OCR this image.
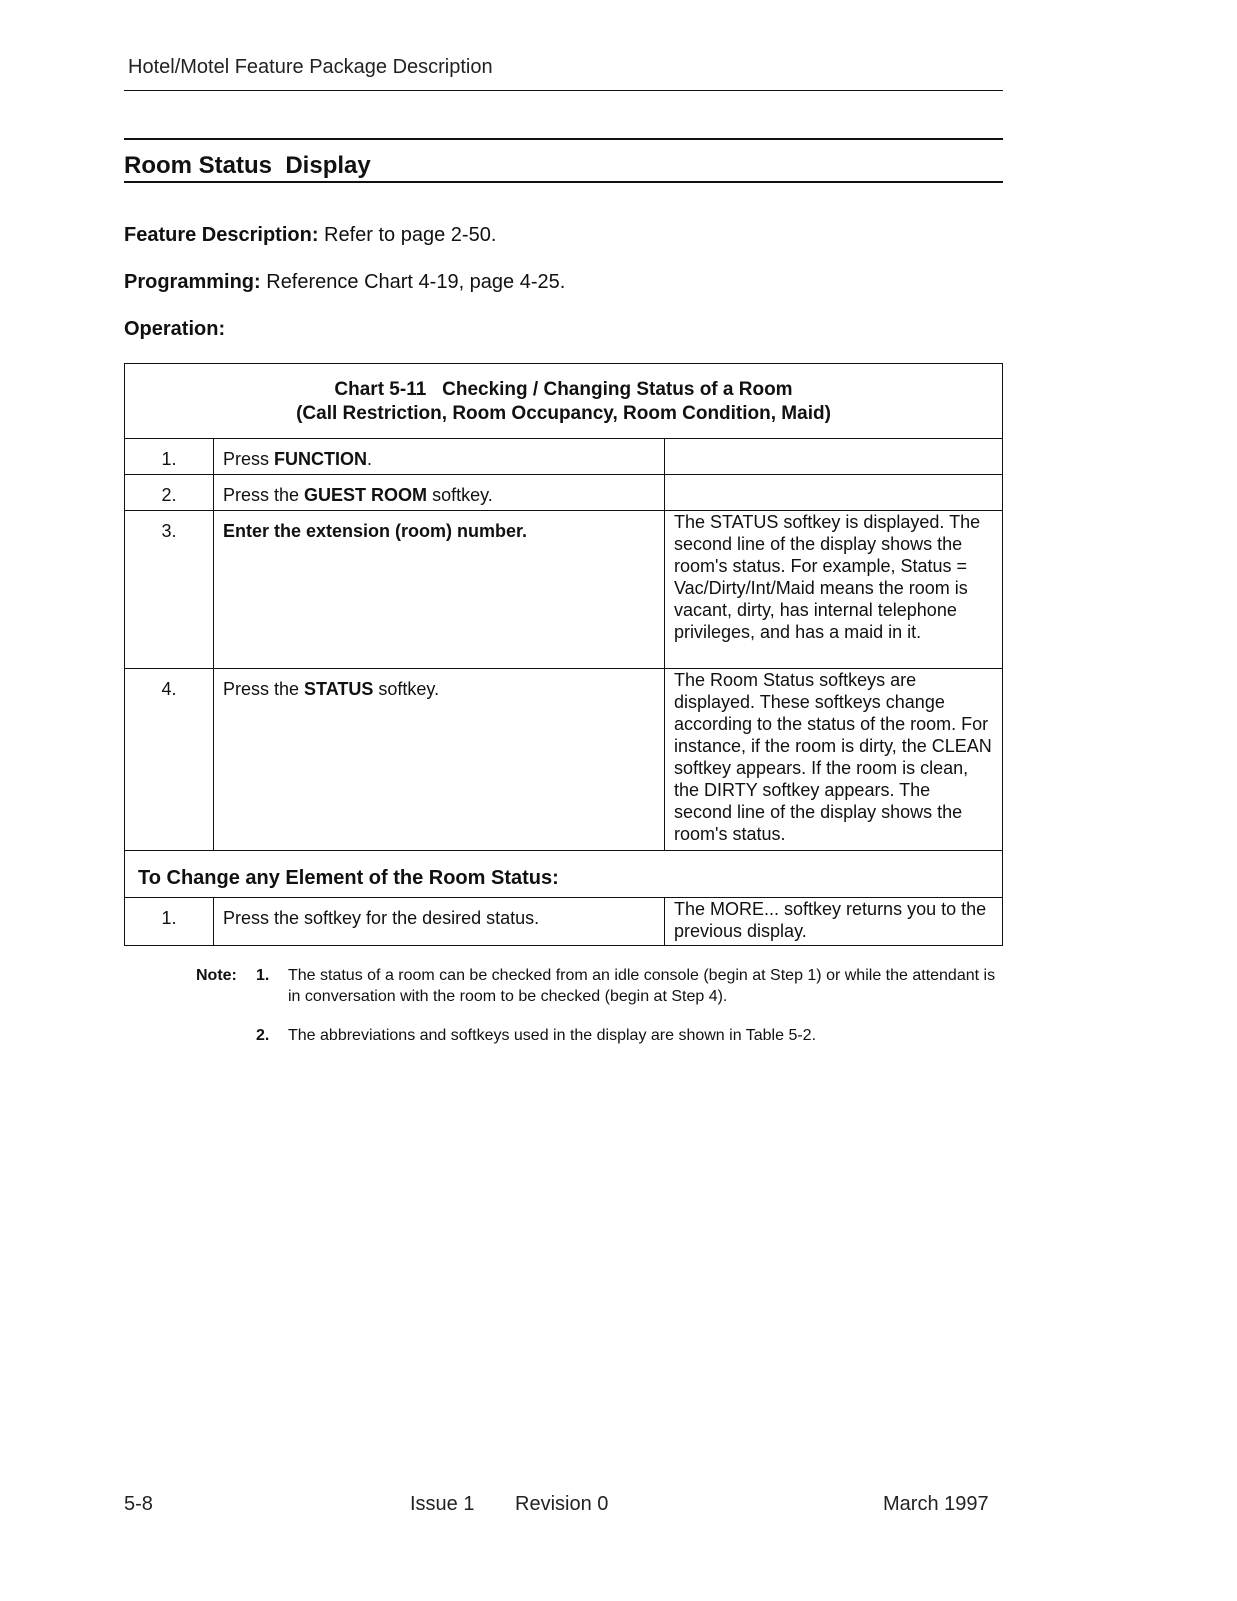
Hotel/Motel Feature Package Description
Room Status  Display
Feature Description: Refer to page 2-50.
Programming: Reference Chart 4-19, page 4-25.
Operation:
Chart 5-11   Checking / Changing Status of a Room
(Call Restriction, Room Occupancy, Room Condition, Maid)		

1.	Press FUNCTION.	
2.	Press the GUEST ROOM softkey.	
3.	Enter the extension (room) number.	The STATUS softkey is displayed. The second line of the display shows the room's status. For example, Status = Vac/Dirty/Int/Maid means the room is vacant, dirty, has internal telephone privileges, and has a maid in it.
4.	Press the STATUS softkey.	The Room Status softkeys are displayed. These softkeys change according to the status of the room. For instance, if the room is dirty, the CLEAN softkey appears. If the room is clean, the DIRTY softkey appears. The second line of the display shows the room's status.

To Change any Element of the Room Status:		

1.	Press the softkey for the desired status.	The MORE... softkey returns you to the previous display.
Note:	1.	The status of a room can be checked from an idle console (begin at Step 1) or while the attendant is in conversation with the room to be checked (begin at Step 4).
2.	The abbreviations and softkeys used in the display are shown in Table 5-2.
5-8	Issue 1 Revision 0	March 1997
